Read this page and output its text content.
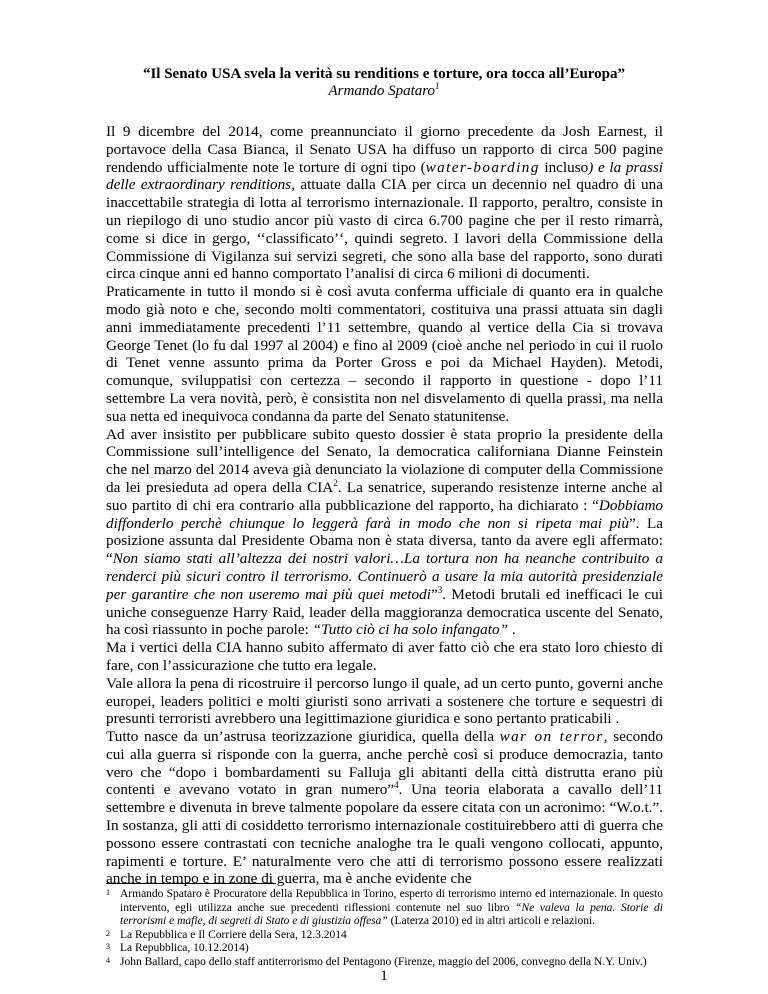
“Il Senato USA svela la verità su renditions e torture, ora tocca all’Europa”
Armando Spataro$^1$

Il 9 dicembre del 2014, come preannunciato il giorno precedente da Josh Earnest, il portavoce della Casa Bianca, il Senato USA ha diffuso un rapporto di circa 500 pagine rendendo ufficialmente note le torture di ogni tipo (water-boarding incluso) e la prassi delle extraordinary renditions, attuate dalla CIA per circa un decennio nel quadro di una inaccettabile strategia di lotta al terrorismo internazionale. Il rapporto, peraltro, consiste in un riepilogo di uno studio ancor più vasto di circa 6.700 pagine che per il resto rimarrà, come si dice in gergo, ‘‘classificato’‘, quindi segreto. I lavori della Commissione della Commissione di Vigilanza sui servizi segreti, che sono alla base del rapporto, sono durati circa cinque anni ed hanno comportato l’analisi di circa 6 milioni di documenti.

Praticamente in tutto il mondo si è così avuta conferma ufficiale di quanto era in qualche modo già noto e che, secondo molti commentatori, costituiva una prassi attuata sin dagli anni immediatamente precedenti l’11 settembre, quando al vertice della Cia si trovava George Tenet (lo fu dal 1997 al 2004) e fino al 2009 (cioè anche nel periodo in cui il ruolo di Tenet venne assunto prima da Porter Gross e poi da Michael Hayden). Metodi, comunque, sviluppatisi con certezza – secondo il rapporto in questione - dopo l’11 settembre La vera novità, però, è consistita non nel disvelamento di quella prassi, ma nella sua netta ed inequivoca condanna da parte del Senato statunitense.

Ad aver insistito per pubblicare subito questo dossier è stata proprio la presidente della Commissione sull’intelligence del Senato, la democratica californiana Dianne Feinstein che nel marzo del 2014 aveva già denunciato la violazione di computer della Commissione da lei presieduta ad opera della CIA$^2$. La senatrice, superando resistenze interne anche al suo partito di chi era contrario alla pubblicazione del rapporto, ha dichiarato : “Dobbiamo diffonderlo perchè chiunque lo leggerà farà in modo che non si ripeta mai più”. La posizione assunta dal Presidente Obama non è stata diversa, tanto da avere egli affermato: “Non siamo stati all’altezza dei nostri valori…La tortura non ha neanche contribuito a renderci più sicuri contro il terrorismo. Continuerò a usare la mia autorità presidenziale per garantire che non useremo mai più quei metodi”$^3$. Metodi brutali ed inefficaci le cui uniche conseguenze Harry Raid, leader della maggioranza democratica uscente del Senato, ha così riassunto in poche parole: “Tutto ciò ci ha solo infangato” .

Ma i vertici della CIA hanno subito affermato di aver fatto ciò che era stato loro chiesto di fare, con l’assicurazione che tutto era legale.

Vale allora la pena di ricostruire il percorso lungo il quale, ad un certo punto, governi anche europei, leaders politici e molti giuristi sono arrivati a sostenere che torture e sequestri di presunti terroristi avrebbero una legittimazione giuridica e sono pertanto praticabili .

Tutto nasce da un’astrusa teorizzazione giuridica, quella della war on terror, secondo cui alla guerra si risponde con la guerra, anche perchè così si produce democrazia, tanto vero che “dopo i bombardamenti su Falluja gli abitanti della città distrutta erano più contenti e avevano votato in gran numero”$^4$. Una teoria elaborata a cavallo dell’11 settembre e divenuta in breve talmente popolare da essere citata con un acronimo: “W.o.t.”. In sostanza, gli atti di cosiddetto terrorismo internazionale costituirebbero atti di guerra che possono essere contrastati con tecniche analoghe tra le quali vengono collocati, appunto, rapimenti e torture. E’ naturalmente vero che atti di terrorismo possono essere realizzati anche in tempo e in zone di guerra, ma è anche evidente che

1 Armando Spataro è Procuratore della Repubblica in Torino, esperto di terrorismo interno ed internazionale. In questo intervento, egli utilizza anche sue precedenti riflessioni contenute nel suo libro “Ne valeva la pena. Storie di terrorismi e mafie, di segreti di Stato e di giustizia offesa” (Laterza 2010) ed in altri articoli e relazioni.
2 La Repubblica e Il Corriere della Sera, 12.3.2014
3 La Repubblica, 10.12.2014)
4 John Ballard, capo dello staff antiterrorismo del Pentagono (Firenze, maggio del 2006, convegno della N.Y. Univ.)
1
